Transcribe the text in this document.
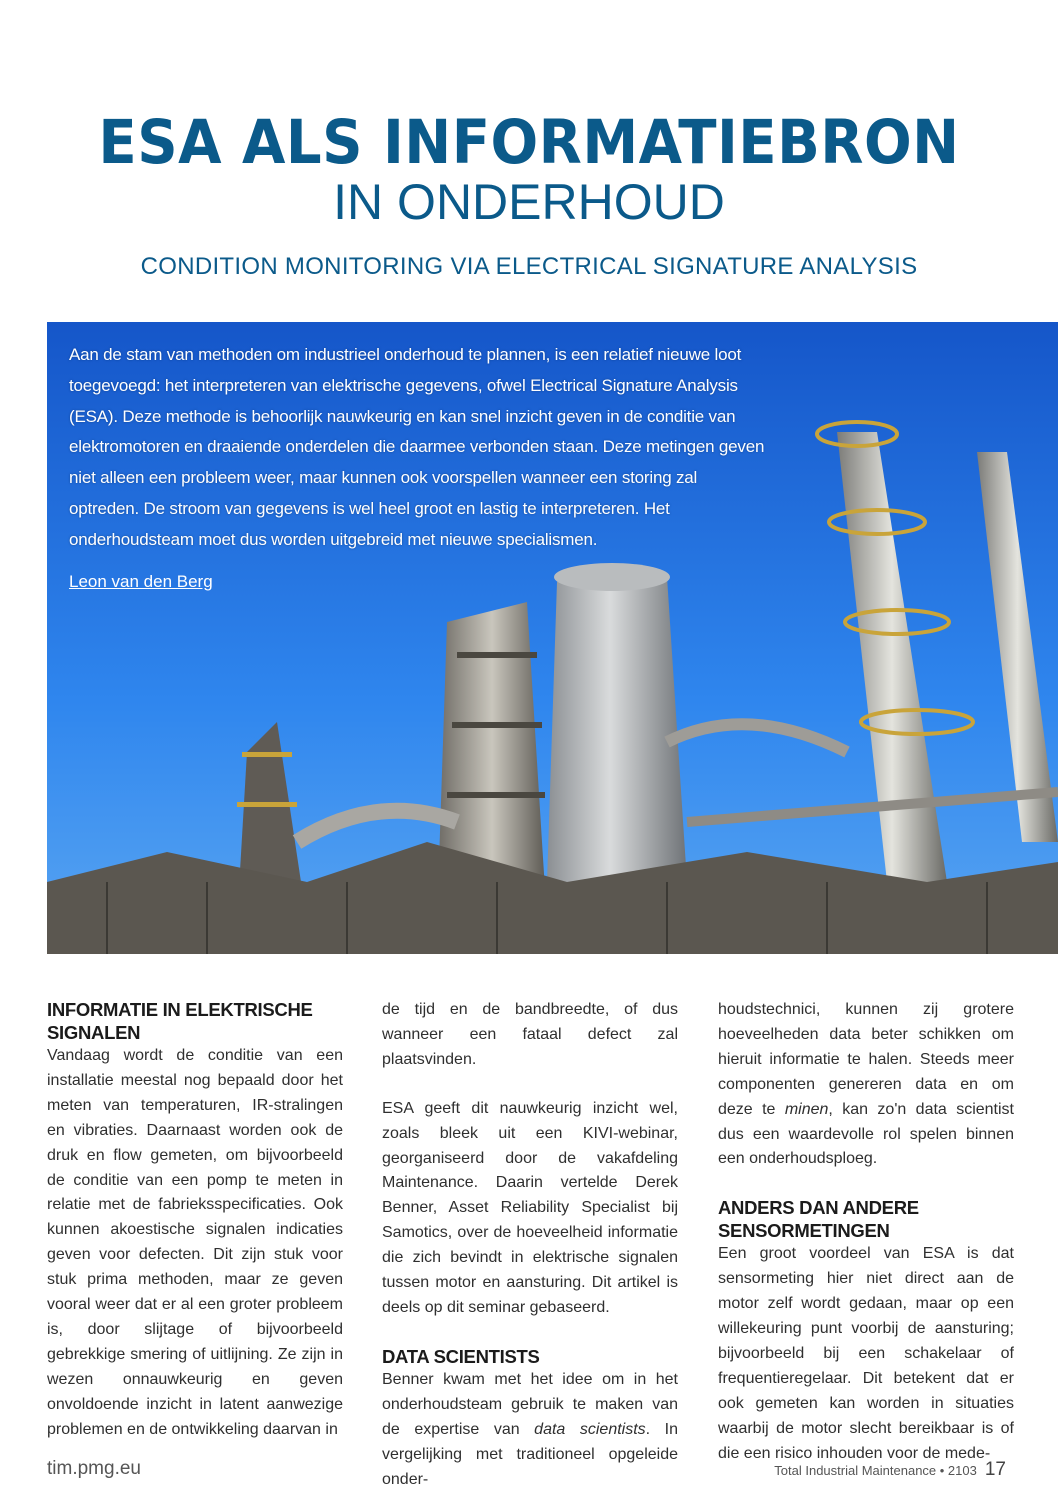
ESA ALS INFORMATIEBRON
IN ONDERHOUD
CONDITION MONITORING VIA ELECTRICAL SIGNATURE ANALYSIS

Aan de stam van methoden om industrieel onderhoud te plannen, is een relatief nieuwe loot toegevoegd: het interpreteren van elektrische gegevens, ofwel Electrical Signature Analysis (ESA). Deze methode is behoorlijk nauwkeurig en kan snel inzicht geven in de conditie van elektromotoren en draaiende onderdelen die daarmee verbonden staan. Deze metingen geven niet alleen een probleem weer, maar kunnen ook voorspellen wanneer een storing zal optreden. De stroom van gegevens is wel heel groot en lastig te interpreteren. Het onderhoudsteam moet dus worden uitgebreid met nieuwe specialismen.

Leon van den Berg

INFORMATIE IN ELEKTRISCHE SIGNALEN

Vandaag wordt de conditie van een installatie meestal nog bepaald door het meten van temperaturen, IR-stralingen en vibraties. Daarnaast worden ook de druk en flow gemeten, om bijvoorbeeld de conditie van een pomp te meten in relatie met de fabrieksspecificaties. Ook kunnen akoestische signalen indicaties geven voor defecten. Dit zijn stuk voor stuk prima methoden, maar ze geven vooral weer dat er al een groter probleem is, door slijtage of bijvoorbeeld gebrekkige smering of uitlijning. Ze zijn in wezen onnauwkeurig en geven onvoldoende inzicht in latent aanwezige problemen en de ontwikkeling daarvan in

de tijd en de bandbreedte, of dus wanneer een fataal defect zal plaatsvinden.

ESA geeft dit nauwkeurig inzicht wel, zoals bleek uit een KIVI-webinar, georganiseerd door de vakafdeling Maintenance. Daarin vertelde Derek Benner, Asset Reliability Specialist bij Samotics, over de hoeveelheid informatie die zich bevindt in elektrische signalen tussen motor en aansturing. Dit artikel is deels op dit seminar gebaseerd.

DATA SCIENTISTS

Benner kwam met het idee om in het onderhoudsteam gebruik te maken van de expertise van data scientists. In vergelijking met traditioneel opgeleide onder-

houdstechnici, kunnen zij grotere hoeveelheden data beter schikken om hieruit informatie te halen. Steeds meer componenten genereren data en om deze te minen, kan zo'n data scientist dus een waardevolle rol spelen binnen een onderhoudsploeg.

ANDERS DAN ANDERE SENSORMETINGEN

Een groot voordeel van ESA is dat sensormeting hier niet direct aan de motor zelf wordt gedaan, maar op een willekeuring punt voorbij de aansturing; bijvoorbeeld bij een schakelaar of frequentieregelaar. Dit betekent dat er ook gemeten kan worden in situaties waarbij de motor slecht bereikbaar is of die een risico inhouden voor de mede-

tim.pmg.eu	Total Industrial Maintenance • 2103 17
